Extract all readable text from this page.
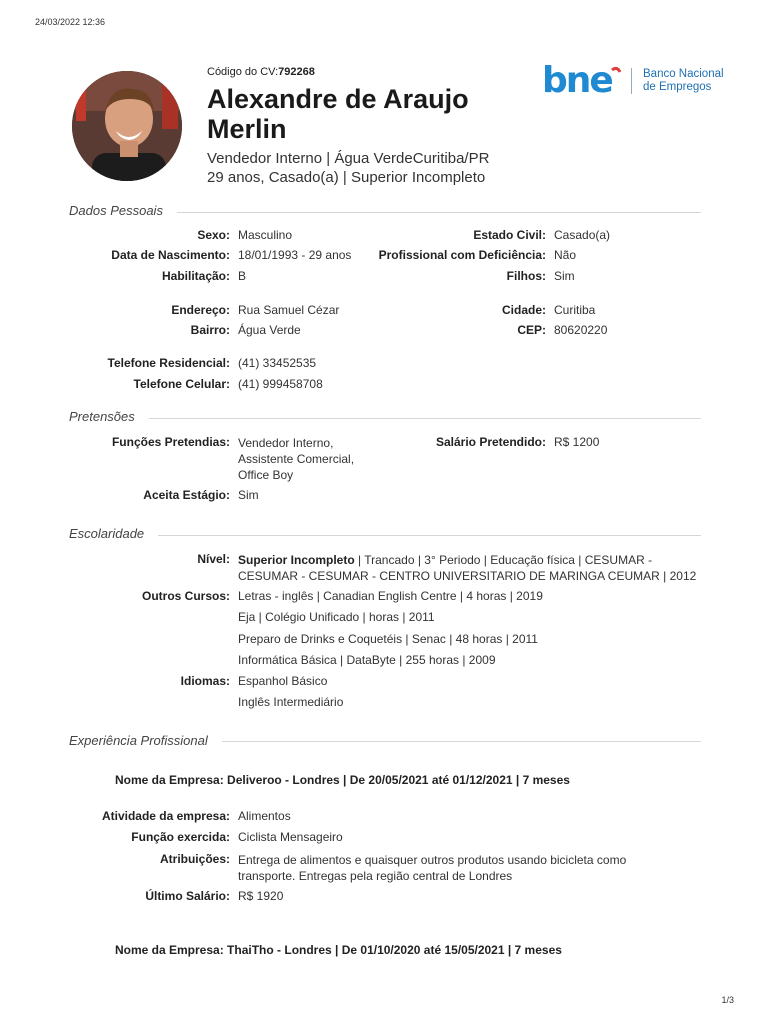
24/03/2022 12:36
Código do CV:792268
Alexandre de Araujo
Merlin
Vendedor Interno | Água VerdeCuritiba/PR
29 anos, Casado(a) | Superior Incompleto
bne	Banco Nacional
de Empregos
Dados Pessoais
Sexo: Masculino
Data de Nascimento: 18/01/1993 - 29 anos
Habilitação: B
Estado Civil: Casado(a)
Profissional com Deficiência: Não
Filhos: Sim
Endereço: Rua Samuel Cézar
Bairro: Água Verde
Cidade: Curitiba
CEP: 80620220
Telefone Residencial: (41) 33452535
Telefone Celular: (41) 999458708
Pretensões
Funções Pretendias: Vendedor Interno,
Assistente Comercial,
Office Boy
Salário Pretendido: R$ 1200
Aceita Estágio: Sim
Escolaridade
Nível: Superior Incompleto | Trancado | 3° Periodo | Educação física | CESUMAR -
CESUMAR - CESUMAR - CENTRO UNIVERSITARIO DE MARINGA CEUMAR | 2012
Outros Cursos: Letras - inglês | Canadian English Centre | 4 horas | 2019
Eja | Colégio Unificado | horas | 2011
Preparo de Drinks e Coquetéis | Senac | 48 horas | 2011
Informática Básica | DataByte | 255 horas | 2009
Idiomas: Espanhol Básico
Inglês Intermediário
Experiência Profissional
Nome da Empresa: Deliveroo - Londres | De 20/05/2021 até 01/12/2021 | 7 meses
Atividade da empresa: Alimentos
Função exercida: Ciclista Mensageiro
Atribuições: Entrega de alimentos e quaisquer outros produtos usando bicicleta como
transporte. Entregas pela região central de Londres
Último Salário: R$ 1920
Nome da Empresa: ThaiTho - Londres | De 01/10/2020 até 15/05/2021 | 7 meses
1/3
